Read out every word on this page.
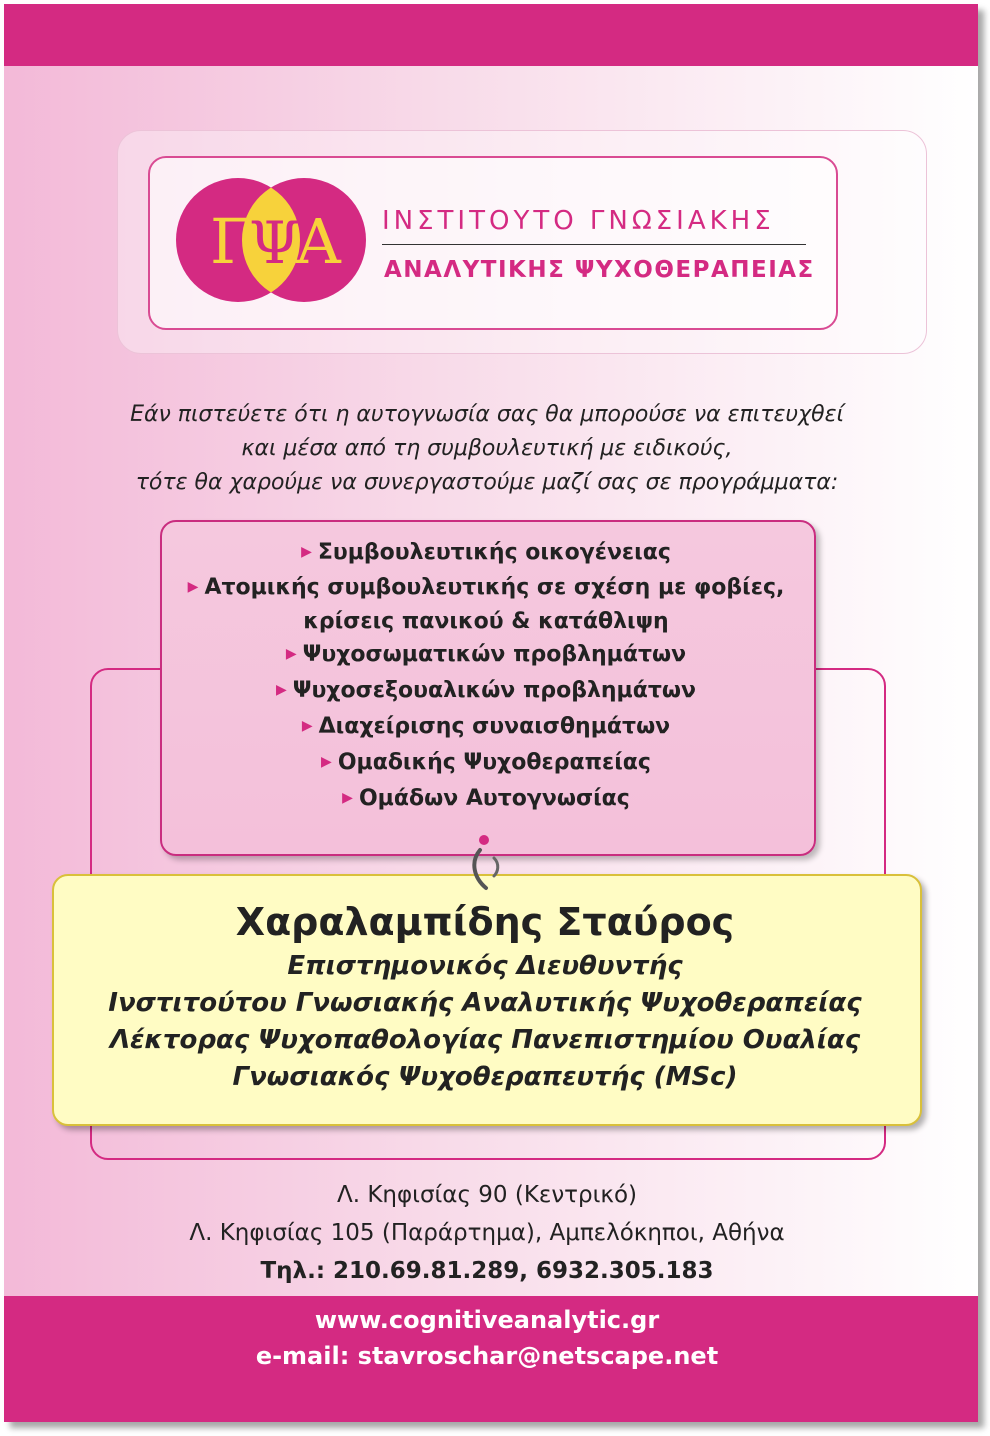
Γ
Ψ
Α ΙΝΣΤΙΤΟΥΤΟ ΓΝΩΣΙΑΚΗΣ
ΑΝΑΛΥΤΙΚΗΣ ΨΥΧΟΘΕΡΑΠΕΙΑΣ
Εάν πιστεύετε ότι η αυτογνωσία σας θα μπορούσε να επιτευχθεί
και μέσα από τη συμβουλευτική με ειδικούς,
τότε θα χαρούμε να συνεργαστούμε μαζί σας σε προγράμματα:
▶ Συμβουλευτικής οικογένειας
▶ Ατομικής συμβουλευτικής σε σχέση με φοβίες,
κρίσεις πανικού & κατάθλιψη
▶ Ψυχοσωματικών προβλημάτων
▶ Ψυχοσεξουαλικών προβλημάτων
▶ Διαχείρισης συναισθημάτων
▶ Ομαδικής Ψυχοθεραπείας
▶ Ομάδων Αυτογνωσίας
Χαραλαμπίδης Σταύρος
Επιστημονικός Διευθυντής
Ινστιτούτου Γνωσιακής Αναλυτικής Ψυχοθεραπείας
Λέκτορας Ψυχοπαθολογίας Πανεπιστημίου Ουαλίας
Γνωσιακός Ψυχοθεραπευτής (MSc)
Λ. Κηφισίας 90 (Κεντρικό)
Λ. Κηφισίας 105 (Παράρτημα), Αμπελόκηποι, Αθήνα
Τηλ.: 210.69.81.289, 6932.305.183
www.cognitiveanalytic.gr
e-mail: stavroschar@netscape.net
